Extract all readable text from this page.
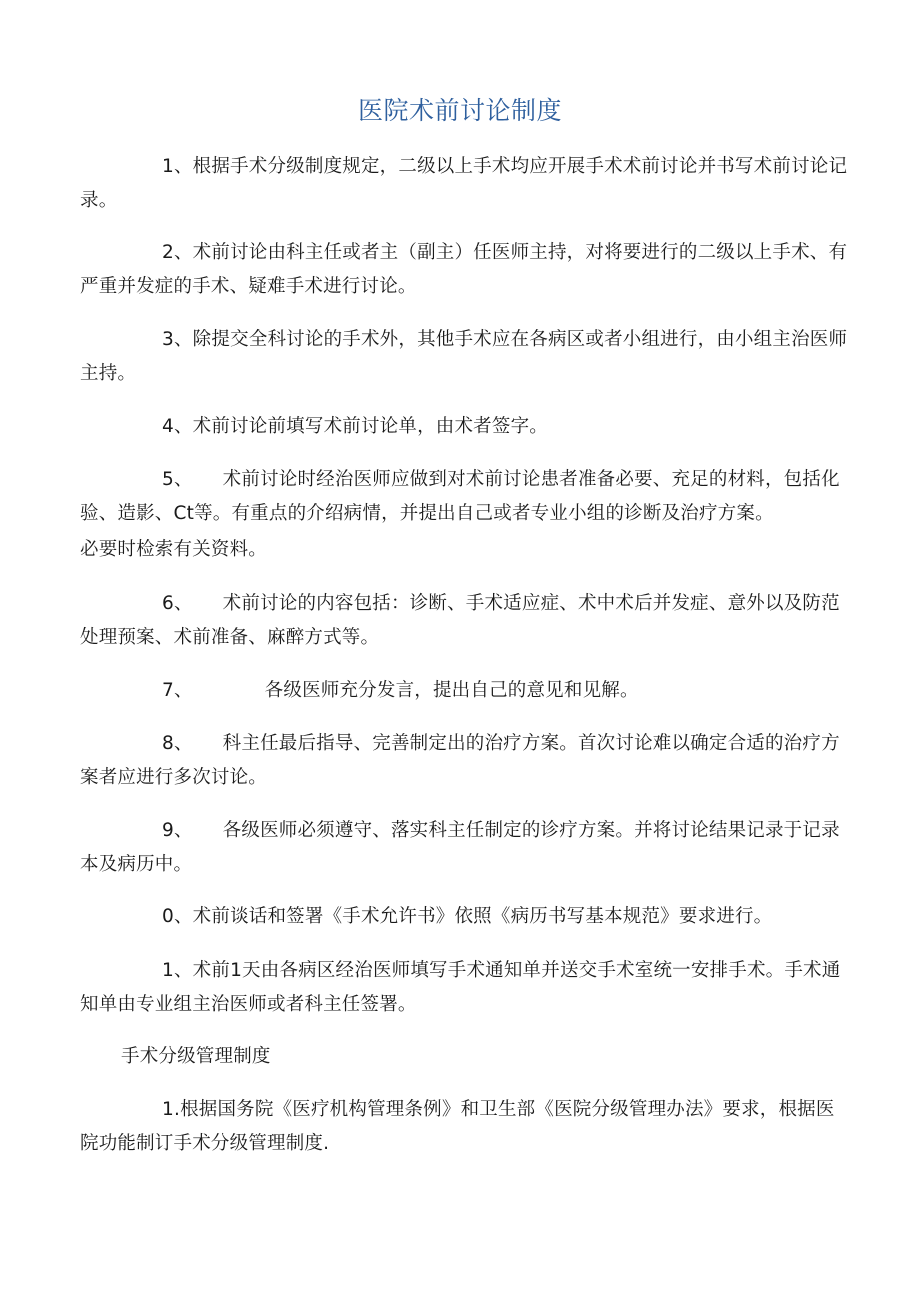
医院术前讨论制度

1、根据手术分级制度规定，二级以上手术均应开展手术术前讨论并书写术前讨论记录。

2、术前讨论由科主任或者主（副主）任医师主持，对将要进行的二级以上手术、有严重并发症的手术、疑难手术进行讨论。

3、除提交全科讨论的手术外，其他手术应在各病区或者小组进行，由小组主治医师主持。

4、术前讨论前填写术前讨论单，由术者签字。

5、 术前讨论时经治医师应做到对术前讨论患者准备必要、充足的材料，包括化验、造影、Ct等。有重点的介绍病情，并提出自己或者专业小组的诊断及治疗方案。

必要时检索有关资料。

6、 术前讨论的内容包括：诊断、手术适应症、术中术后并发症、意外以及防范处理预案、术前准备、麻醉方式等。

7、	各级医师充分发言，提出自己的意见和见解。

8、 科主任最后指导、完善制定出的治疗方案。首次讨论难以确定合适的治疗方案者应进行多次讨论。

9、 各级医师必须遵守、落实科主任制定的诊疗方案。并将讨论结果记录于记录本及病历中。

0、术前谈话和签署《手术允许书》依照《病历书写基本规范》要求进行。

1、术前1天由各病区经治医师填写手术通知单并送交手术室统一安排手术。手术通知单由专业组主治医师或者科主任签署。

手术分级管理制度

1.根据国务院《医疗机构管理条例》和卫生部《医院分级管理办法》要求，根据医院功能制订手术分级管理制度.
